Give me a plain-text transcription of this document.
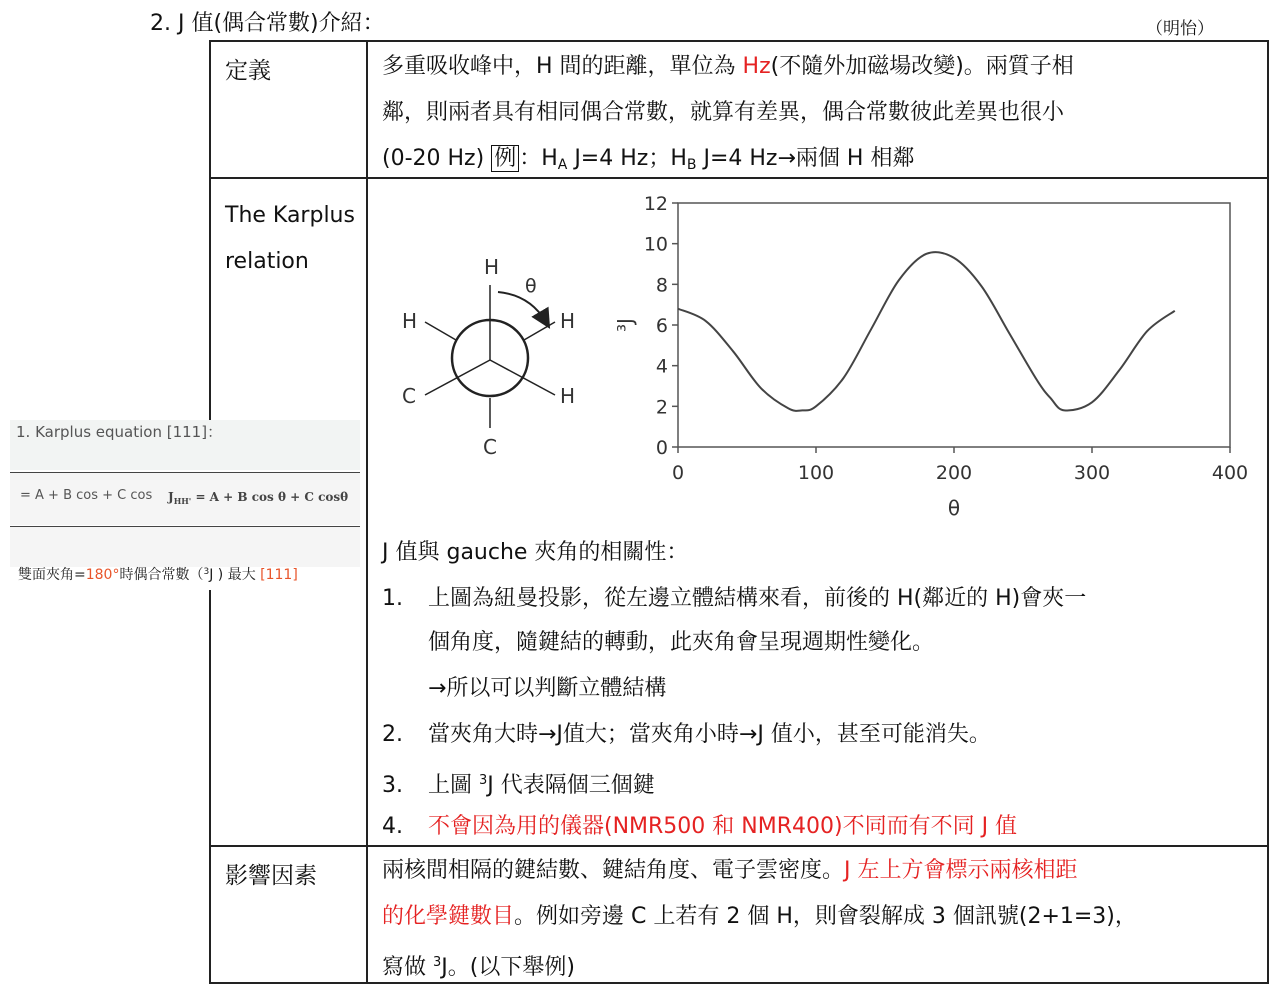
2. J 值(偶合常數)介紹：	（明怡）
定義	多重吸收峰中，H 間的距離，單位為 Hz(不隨外加磁場改變)。兩質子相
鄰，則兩者具有相同偶合常數，就算有差異，偶合常數彼此差異也很小
(0-20 Hz) 例 ：$H_A$ J=4 Hz；$H_B$ J=4 Hz→兩個 H 相鄰
The Karplus
relation	H
C	H
H	H
C
θ
0
2
4
6
8
10
12
0	100	200	300	400
³J
θ
J 值與 gauche 夾角的相關性：
1. 上圖為紐曼投影，從左邊立體結構來看，前後的 H(鄰近的 H)會夾一
個角度，隨鍵結的轉動，此夾角會呈現週期性變化。
→所以可以判斷立體結構
2. 當夾角大時→J值大；當夾角小時→J 值小，甚至可能消失。
3. 上圖 $^3$J 代表隔個三個鍵
4. 不會因為用的儀器(NMR500 和 NMR400)不同而有不同 J 值
影響因素	兩核間相隔的鍵結數、鍵結角度、電子雲密度。J 左上方會標示兩核相距
的化學鍵數目。例如旁邊 C 上若有 2 個 H，則會裂解成 3 個訊號(2+1=3)，
寫做 $^3$J。(以下舉例)
1. Karplus equation [111]：
= A + B cos + C $\cos J_{HH'} = A + B$ cos θ + C cosθ
雙面夾角=180°時偶合常數（$^3$J ) 最大 [111]
